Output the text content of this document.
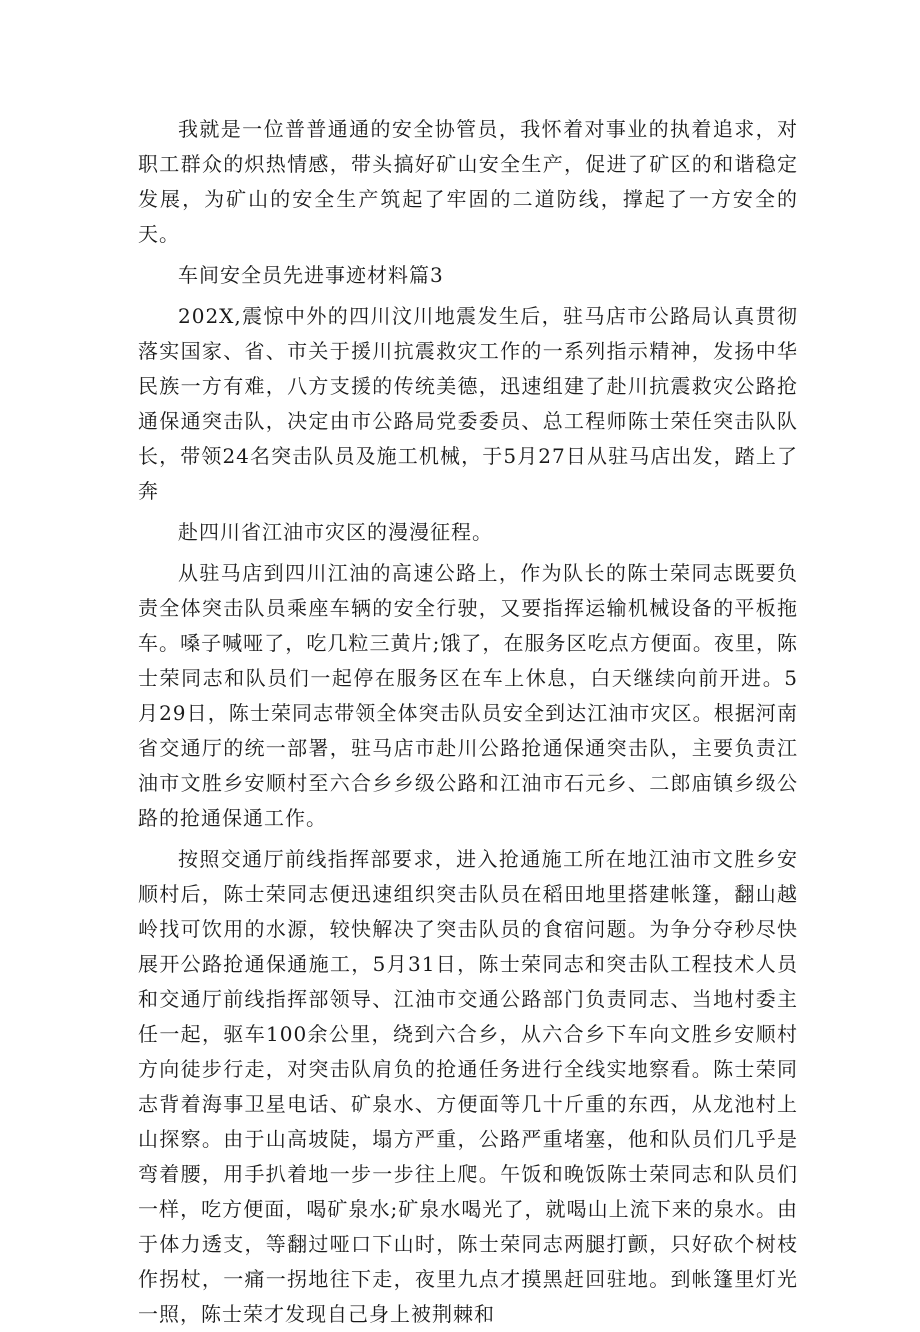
我就是一位普普通通的安全协管员，我怀着对事业的执着追求，对职工群众的炽热情感，带头搞好矿山安全生产，促进了矿区的和谐稳定发展，为矿山的安全生产筑起了牢固的二道防线，撑起了一方安全的天。

车间安全员先进事迹材料篇3

202X,震惊中外的四川汶川地震发生后，驻马店市公路局认真贯彻落实国家、省、市关于援川抗震救灾工作的一系列指示精神，发扬中华民族一方有难，八方支援的传统美德，迅速组建了赴川抗震救灾公路抢通保通突击队，决定由市公路局党委委员、总工程师陈士荣任突击队队长，带领24名突击队员及施工机械，于5月27日从驻马店出发，踏上了奔

赴四川省江油市灾区的漫漫征程。

从驻马店到四川江油的高速公路上，作为队长的陈士荣同志既要负责全体突击队员乘座车辆的安全行驶，又要指挥运输机械设备的平板拖车。嗓子喊哑了，吃几粒三黄片;饿了，在服务区吃点方便面。夜里，陈士荣同志和队员们一起停在服务区在车上休息，白天继续向前开进。5月29日，陈士荣同志带领全体突击队员安全到达江油市灾区。根据河南省交通厅的统一部署，驻马店市赴川公路抢通保通突击队，主要负责江油市文胜乡安顺村至六合乡乡级公路和江油市石元乡、二郎庙镇乡级公路的抢通保通工作。

按照交通厅前线指挥部要求，进入抢通施工所在地江油市文胜乡安顺村后，陈士荣同志便迅速组织突击队员在稻田地里搭建帐篷，翻山越岭找可饮用的水源，较快解决了突击队员的食宿问题。为争分夺秒尽快展开公路抢通保通施工，5月31日，陈士荣同志和突击队工程技术人员和交通厅前线指挥部领导、江油市交通公路部门负责同志、当地村委主任一起，驱车100余公里，绕到六合乡，从六合乡下车向文胜乡安顺村方向徒步行走，对突击队肩负的抢通任务进行全线实地察看。陈士荣同志背着海事卫星电话、矿泉水、方便面等几十斤重的东西，从龙池村上山探察。由于山高坡陡，塌方严重，公路严重堵塞，他和队员们几乎是弯着腰，用手扒着地一步一步往上爬。午饭和晚饭陈士荣同志和队员们一样，吃方便面，喝矿泉水;矿泉水喝光了，就喝山上流下来的泉水。由于体力透支，等翻过哑口下山时，陈士荣同志两腿打颤，只好砍个树枝作拐杖，一痛一拐地往下走，夜里九点才摸黑赶回驻地。到帐篷里灯光一照，陈士荣才发现自己身上被荆棘和
